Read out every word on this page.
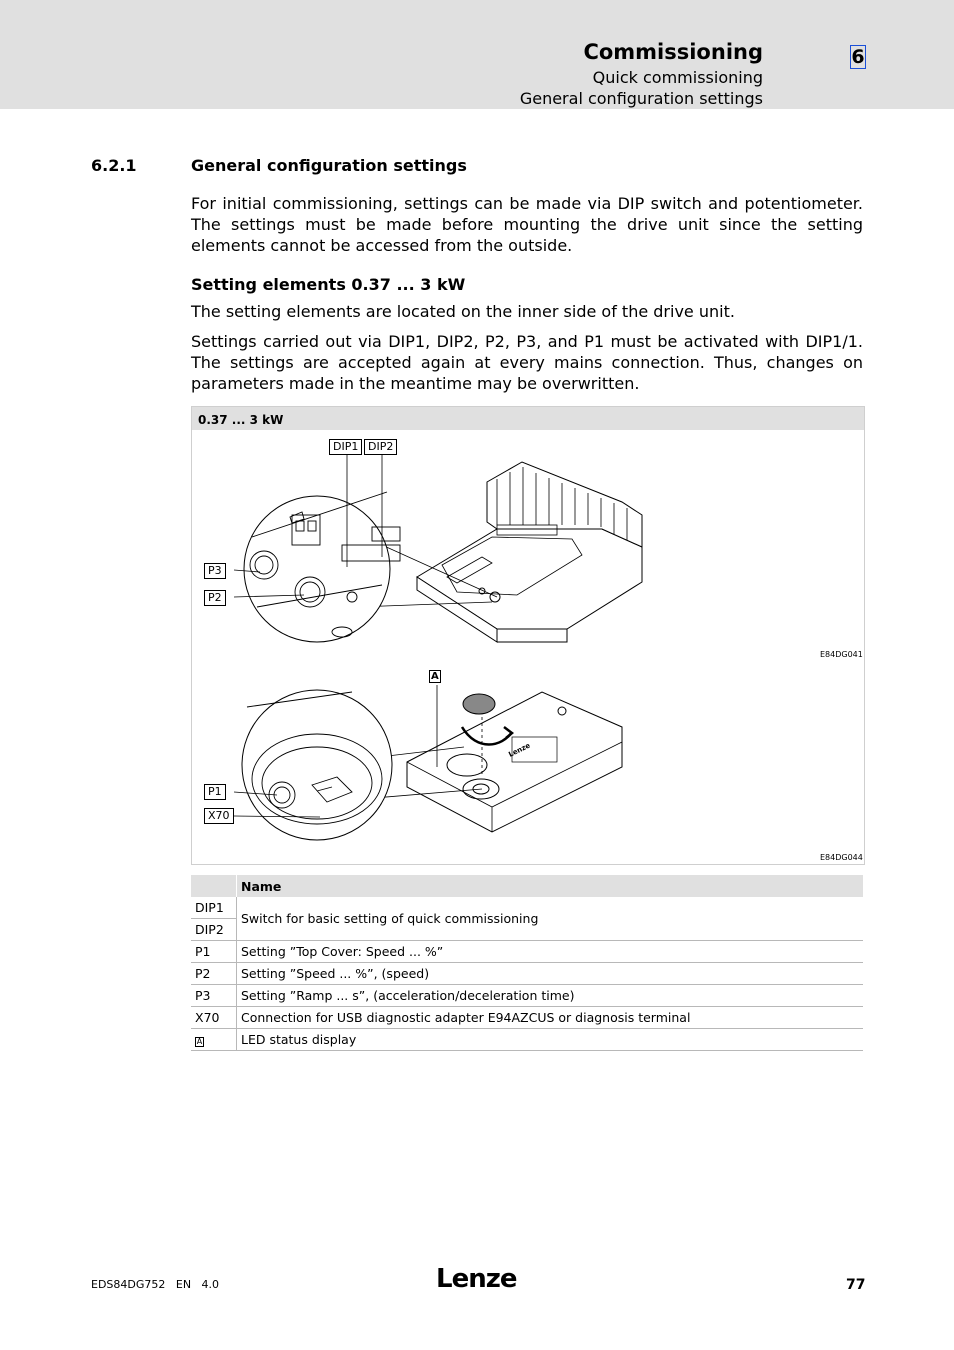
Commissioning
Quick commissioning
General configuration settings
6
6.2.1	General configuration settings
For initial commissioning, settings can be made via DIP switch and potentiometer. The settings must be made before mounting the drive unit since the setting elements cannot be accessed from the outside.
Setting elements 0.37 ... 3 kW
The setting elements are located on the inner side of the drive unit.
Settings carried out via DIP1, DIP2, P2, P3, and P1 must be activated with DIP1/1. The settings are accepted again at every mains connection. Thus, changes on parameters made in the meantime may be overwritten.
0.37 ... 3 kW
Lenze
DIP1 DIP2
P3
P2
A
P1
X70
E84DG041
E84DG044
	Name
DIP1	Switch for basic setting of quick commissioning
DIP2	
P1	Setting ”Top Cover: Speed ... %”
P2	Setting ”Speed ... %”, (speed)
P3	Setting ”Ramp ... s”, (acceleration/deceleration time)
X70	Connection for USB diagnostic adapter E94AZCUS or diagnosis terminal
A	LED status display
EDS84DG752   EN   4.0	Lenze	77
